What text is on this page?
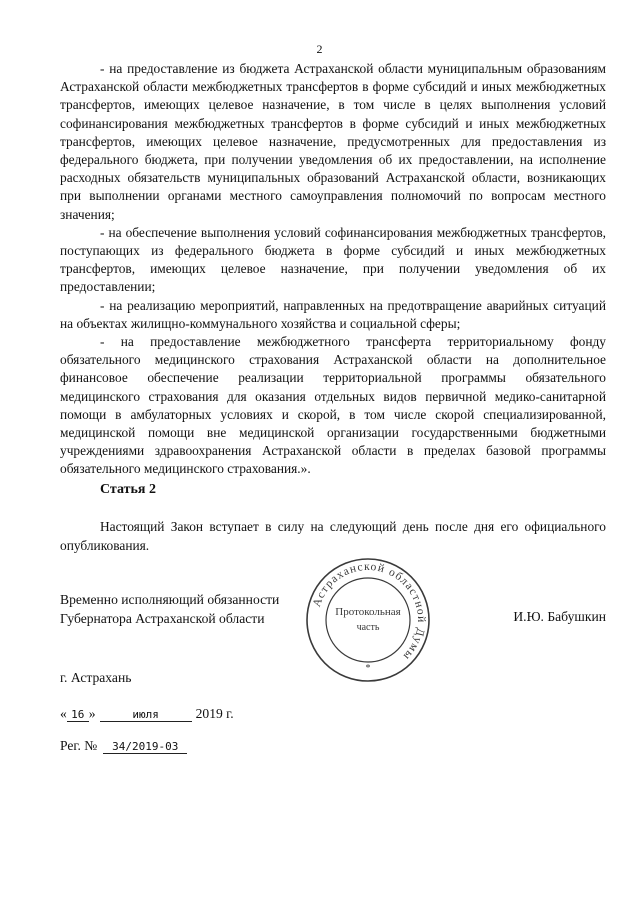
2

- на предоставление из бюджета Астраханской области муниципальным образованиям Астраханской области межбюджетных трансфертов в форме субсидий и иных межбюджетных трансфертов, имеющих целевое назначение, в том числе в целях выполнения условий софинансирования межбюджетных трансфертов в форме субсидий и иных межбюджетных трансфертов, имеющих целевое назначение, предусмотренных для предоставления из федерального бюджета, при получении уведомления об их предоставлении, на исполнение расходных обязательств муниципальных образований Астраханской области, возникающих при выполнении органами местного самоуправления полномочий по вопросам местного значения;

- на обеспечение выполнения условий софинансирования межбюджетных трансфертов, поступающих из федерального бюджета в форме субсидий и иных межбюджетных трансфертов, имеющих целевое назначение, при получении уведомления об их предоставлении;

- на реализацию мероприятий, направленных на предотвращение аварийных ситуаций на объектах жилищно-коммунального хозяйства и социальной сферы;

- на предоставление межбюджетного трансферта территориальному фонду обязательного медицинского страхования Астраханской области на дополнительное финансовое обеспечение реализации территориальной программы обязательного медицинского страхования для оказания отдельных видов первичной медико-санитарной помощи в амбулаторных условиях и скорой, в том числе скорой специализированной, медицинской помощи вне медицинской организации государственными бюджетными учреждениями здравоохранения Астраханской области в пределах базовой программы обязательного медицинского страхования.».

Статья 2

Настоящий Закон вступает в силу на следующий день после дня его официального опубликования.

Временно исполняющий обязанности
Губернатора Астраханской области
Астраханской областной Думы
Протокольная
часть
*
И.Ю. Бабушкин
г. Астрахань
« 16 »	июля	2019 г.
Рег. №	34/2019-03
